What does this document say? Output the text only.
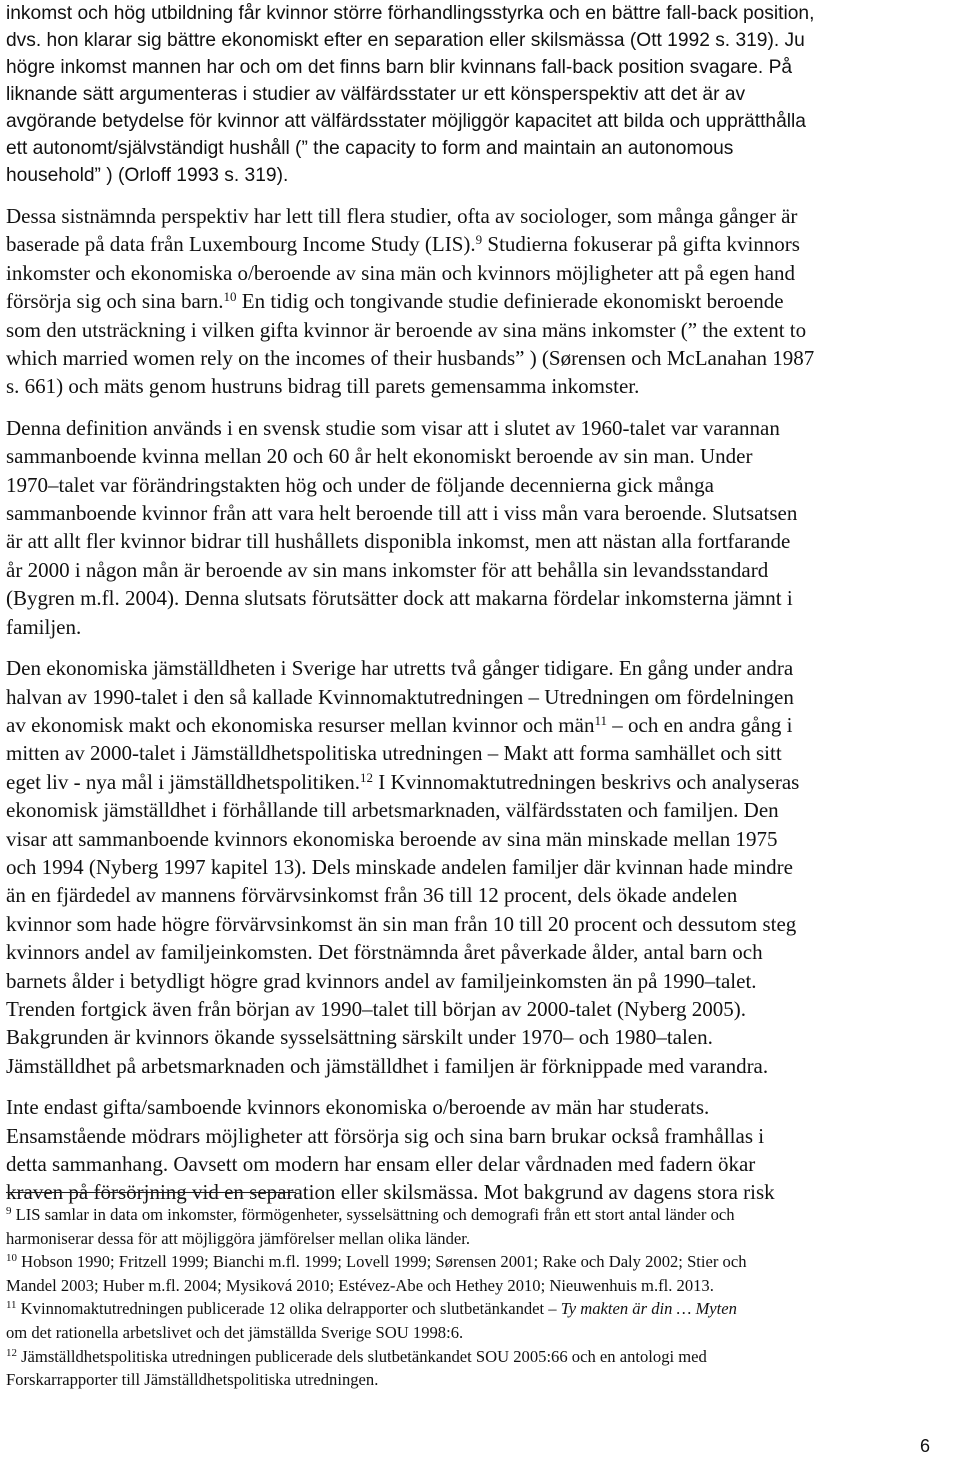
inkomst och hög utbildning får kvinnor större förhandlingsstyrka och en bättre fall-back position,
dvs. hon klarar sig bättre ekonomiskt efter en separation eller skilsmässa (Ott 1992 s. 319). Ju
högre inkomst mannen har och om det finns barn blir kvinnans fall-back position svagare. På
liknande sätt argumenteras i studier av välfärdsstater ur ett könsperspektiv att det är av
avgörande betydelse för kvinnor att välfärdsstater möjliggör kapacitet att bilda och upprätthålla
ett autonomt/självständigt hushåll (” the capacity to form and maintain an autonomous
household” ) (Orloff 1993 s. 319).
Dessa sistnämnda perspektiv har lett till flera studier, ofta av sociologer, som många gånger är
baserade på data från Luxembourg Income Study (LIS).$^9$ Studierna fokuserar på gifta kvinnors
inkomster och ekonomiska o/beroende av sina män och kvinnors möjligheter att på egen hand
försörja sig och sina barn.$^{10}$ En tidig och tongivande studie definierade ekonomiskt beroende
som den utsträckning i vilken gifta kvinnor är beroende av sina mäns inkomster (” the extent to
which married women rely on the incomes of their husbands” ) (Sørensen och McLanahan 1987
s. 661) och mäts genom hustruns bidrag till parets gemensamma inkomster.
Denna definition används i en svensk studie som visar att i slutet av 1960-talet var varannan
sammanboende kvinna mellan 20 och 60 år helt ekonomiskt beroende av sin man. Under
1970–talet var förändringstakten hög och under de följande decennierna gick många
sammanboende kvinnor från att vara helt beroende till att i viss mån vara beroende. Slutsatsen
är att allt fler kvinnor bidrar till hushållets disponibla inkomst, men att nästan alla fortfarande
år 2000 i någon mån är beroende av sin mans inkomster för att behålla sin levandsstandard
(Bygren m.fl. 2004). Denna slutsats förutsätter dock att makarna fördelar inkomsterna jämnt i
familjen.
Den ekonomiska jämställdheten i Sverige har utretts två gånger tidigare. En gång under andra
halvan av 1990-talet i den så kallade Kvinnomaktutredningen – Utredningen om fördelningen
av ekonomisk makt och ekonomiska resurser mellan kvinnor och män$^{11}$ – och en andra gång i
mitten av 2000-talet i Jämställdhetspolitiska utredningen – Makt att forma samhället och sitt
eget liv - nya mål i jämställdhetspolitiken.$^{12}$ I Kvinnomaktutredningen beskrivs och analyseras
ekonomisk jämställdhet i förhållande till arbetsmarknaden, välfärdsstaten och familjen. Den
visar att sammanboende kvinnors ekonomiska beroende av sina män minskade mellan 1975
och 1994 (Nyberg 1997 kapitel 13). Dels minskade andelen familjer där kvinnan hade mindre
än en fjärdedel av mannens förvärvsinkomst från 36 till 12 procent, dels ökade andelen
kvinnor som hade högre förvärvsinkomst än sin man från 10 till 20 procent och dessutom steg
kvinnors andel av familjeinkomsten. Det förstnämnda året påverkade ålder, antal barn och
barnets ålder i betydligt högre grad kvinnors andel av familjeinkomsten än på 1990–talet.
Trenden fortgick även från början av 1990–talet till början av 2000-talet (Nyberg 2005).
Bakgrunden är kvinnors ökande sysselsättning särskilt under 1970– och 1980–talen.
Jämställdhet på arbetsmarknaden och jämställdhet i familjen är förknippade med varandra.
Inte endast gifta/samboende kvinnors ekonomiska o/beroende av män har studerats.
Ensamstående mödrars möjligheter att försörja sig och sina barn brukar också framhållas i
detta sammanhang. Oavsett om modern har ensam eller delar vårdnaden med fadern ökar
kraven på försörjning vid en separation eller skilsmässa. Mot bakgrund av dagens stora risk
$^9$ LIS samlar in data om inkomster, förmögenheter, sysselsättning och demografi från ett stort antal länder och
harmoniserar dessa för att möjliggöra jämförelser mellan olika länder.
$^{10}$ Hobson 1990; Fritzell 1999; Bianchi m.fl. 1999; Lovell 1999; Sørensen 2001; Rake och Daly 2002; Stier och
Mandel 2003; Huber m.fl. 2004; Mysiková 2010; Estévez-Abe och Hethey 2010; Nieuwenhuis m.fl. 2013.
$^{11}$ Kvinnomaktutredningen publicerade 12 olika delrapporter och slutbetänkandet – Ty makten är din … Myten
om det rationella arbetslivet och det jämställda Sverige SOU 1998:6.
$^{12}$ Jämställdhetspolitiska utredningen publicerade dels slutbetänkandet SOU 2005:66 och en antologi med
Forskarrapporter till Jämställdhetspolitiska utredningen.
6
